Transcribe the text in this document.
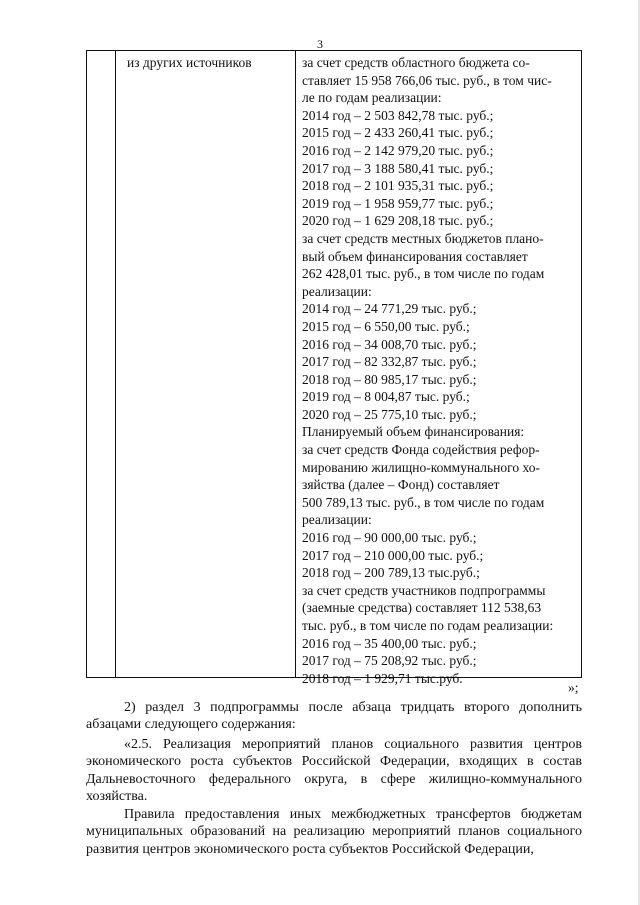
3
из других источников	за счет средств областного бюджета со-
ставляет 15 958 766,06 тыс. руб., в том чис-
ле по годам реализации:
2014 год – 2 503 842,78 тыс. руб.;
2015 год – 2 433 260,41 тыс. руб.;
2016 год – 2 142 979,20 тыс. руб.;
2017 год – 3 188 580,41 тыс. руб.;
2018 год – 2 101 935,31 тыс. руб.;
2019 год – 1 958 959,77 тыс. руб.;
2020 год – 1 629 208,18 тыс. руб.;
за счет средств местных бюджетов плано-
вый объем финансирования составляет
262 428,01 тыс. руб., в том числе по годам
реализации:
2014 год – 24 771,29 тыс. руб.;
2015 год – 6 550,00 тыс. руб.;
2016 год – 34 008,70 тыс. руб.;
2017 год – 82 332,87 тыс. руб.;
2018 год – 80 985,17 тыс. руб.;
2019 год – 8 004,87 тыс. руб.;
2020 год – 25 775,10 тыс. руб.;
Планируемый объем финансирования:
за счет средств Фонда содействия рефор-
мированию жилищно-коммунального хо-
зяйства (далее – Фонд) составляет
500 789,13 тыс. руб., в том числе по годам
реализации:
2016 год – 90 000,00 тыс. руб.;
2017 год – 210 000,00 тыс. руб.;
2018 год – 200 789,13 тыс.руб.;
за счет средств участников подпрограммы
(заемные средства) составляет 112 538,63
тыс. руб., в том числе по годам реализации:
2016 год – 35 400,00 тыс. руб.;
2017 год – 75 208,92 тыс. руб.;
2018 год – 1 929,71 тыс.руб.
»;

2) раздел 3 подпрограммы после абзаца тридцать второго дополнить абзацами следующего содержания:

«2.5. Реализация мероприятий планов социального развития центров экономического роста субъектов Российской Федерации, входящих в состав Дальневосточного федерального округа, в сфере жилищно-коммунального хозяйства.

Правила предоставления иных межбюджетных трансфертов бюджетам муниципальных образований на реализацию мероприятий планов социального развития центров экономического роста субъектов Российской Федерации,
